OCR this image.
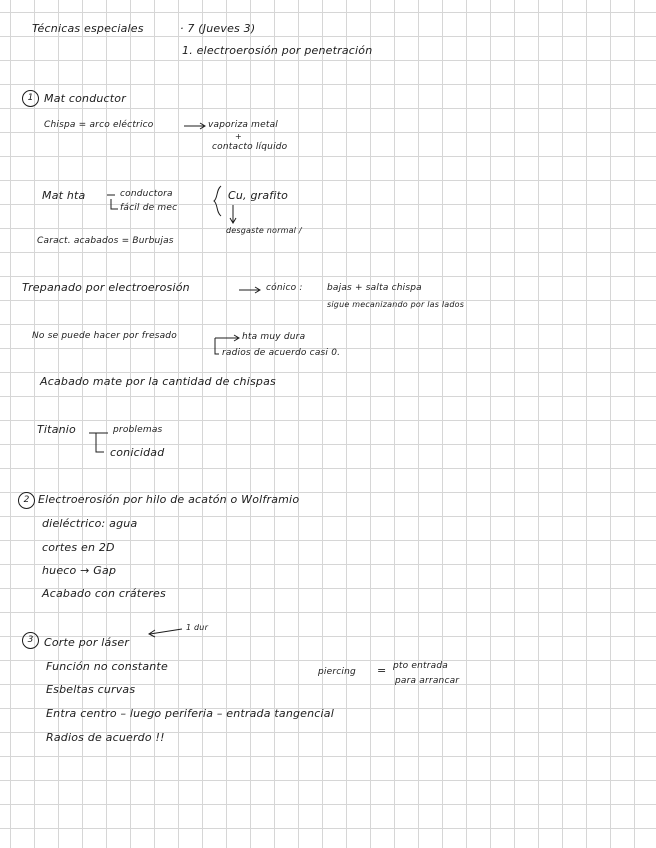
Técnicas especiales	· 7 (Jueves 3)
1. electroerosión por penetración
1 Mat conductor
Chispa = arco eléctrico	vaporiza metal
+
contacto líquido
Mat hta	conductora
fácil de mec
Cu, grafito
desgaste normal /
Caract. acabados = Burbujas
Trepanado por electroerosión	cónico :	bajas + salta chispa
sigue mecanizando por las lados
No se puede hacer por fresado	hta muy dura
radios de acuerdo casi 0.
Acabado mate por la cantidad de chispas
Titanio	problemas
conicidad
2 Electroerosión por hilo de acatón o Wolframio
dieléctrico: agua
cortes en 2D
hueco → Gap
Acabado con cráteres
3 Corte por láser
1 dur
Función no constante
Esbeltas curvas
Entra centro – luego periferia – entrada tangencial
Radios de acuerdo !!
piercing = pto entrada
para arrancar
